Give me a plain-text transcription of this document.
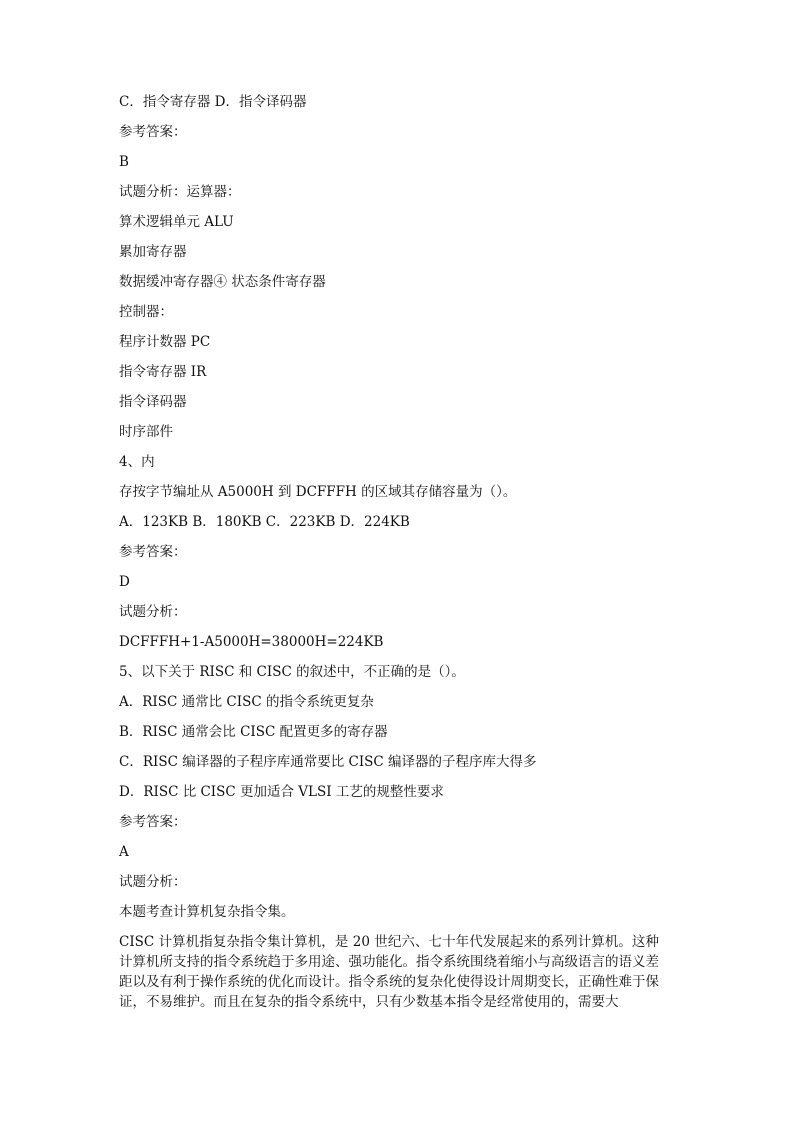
C．指令寄存器 D．指令译码器

参考答案：

B

试题分析：运算器：

算术逻辑单元 ALU

累加寄存器

数据缓冲寄存器④ 状态条件寄存器

控制器：

程序计数器 PC

指令寄存器 IR

指令译码器

时序部件

4、内

存按字节编址从 A5000H 到 DCFFFH 的区域其存储容量为（）。

A．123KB B．180KB C．223KB D．224KB

参考答案：

D

试题分析：

DCFFFH+1-A5000H=38000H=224KB

5、以下关于 RISC 和 CISC 的叙述中，不正确的是（）。

A．RISC 通常比 CISC 的指令系统更复杂

B．RISC 通常会比 CISC 配置更多的寄存器

C．RISC 编译器的子程序库通常要比 CISC 编译器的子程序库大得多

D．RISC 比 CISC 更加适合 VLSI 工艺的规整性要求

参考答案：

A

试题分析：

本题考查计算机复杂指令集。

CISC 计算机指复杂指令集计算机，是 20 世纪六、七十年代发展起来的系列计算机。这种计算机所支持的指令系统趋于多用途、强功能化。指令系统围绕着缩小与高级语言的语义差距以及有利于操作系统的优化而设计。指令系统的复杂化使得设计周期变长，正确性难于保证，不易维护。而且在复杂的指令系统中，只有少数基本指令是经常使用的，需要大
